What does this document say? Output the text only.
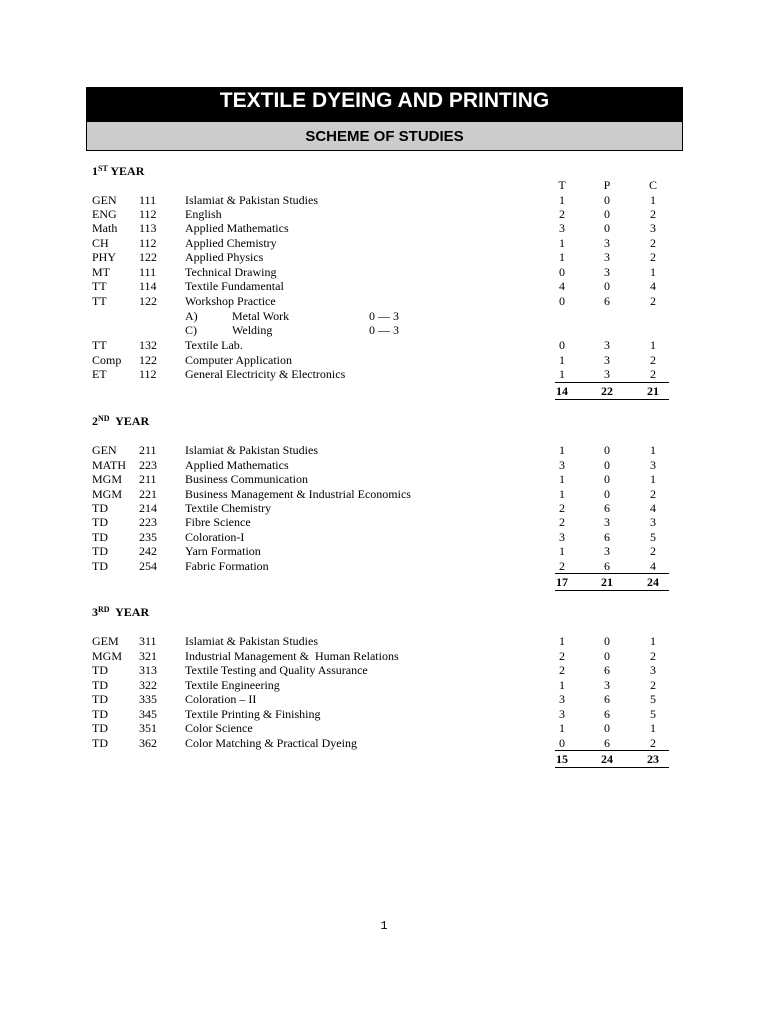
TEXTILE DYEING AND PRINTING
SCHEME OF STUDIES
1ST YEAR
T	P	C
GEN 111 Islamiat & Pakistan Studies	1	0	1
ENG 112 English	2	0	2
Math 113 Applied Mathematics	3	0	3
CH	112 Applied Chemistry	1	3	2
PHY 122 Applied Physics	1	3	2
MT 111 Technical Drawing	0	3	1
TT	114 Textile Fundamental	4	0	4
TT	122 Workshop Practice	0	6	2
A)	Metal Work	0 — 3
C)	Welding	0 — 3
TT	132 Textile Lab.	0	3	1
Comp 122 Computer Application	1	3	2
ET	112 General Electricity & Electronics	1	3	2
14	22	21
2ND  YEAR
GEN 211 Islamiat & Pakistan Studies	1	0	1
MATH 223 Applied Mathematics	3	0	3
MGM 211 Business Communication	1	0	1
MGM 221 Business Management & Industrial Economics	1	0	2
TD	214 Textile Chemistry	2	6	4
TD	223 Fibre Science	2	3	3
TD	235 Coloration-I	3	6	5
TD	242 Yarn Formation	1	3	2
TD	254 Fabric Formation	2	6	4
17	21	24
3RD  YEAR
GEM 311 Islamiat & Pakistan Studies	1	0	1
MGM 321 Industrial Management &  Human Relations	2	0	2
TD	313 Textile Testing and Quality Assurance	2	6	3
TD	322 Textile Engineering	1	3	2
TD	335 Coloration – II	3	6	5
TD	345 Textile Printing & Finishing	3	6	5
TD	351 Color Science	1	0	1
TD	362 Color Matching & Practical Dyeing	0	6	2
15	24	23
1
